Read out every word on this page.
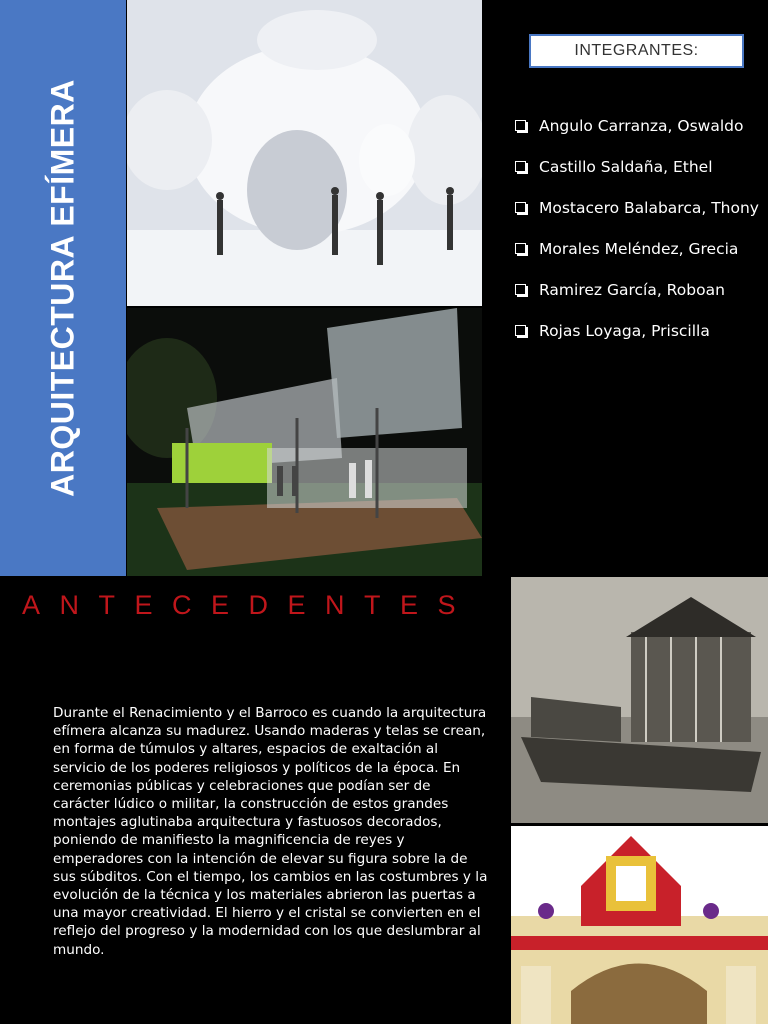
ARQUITECTURA EFÍMERA
INTEGRANTES:
Angulo Carranza, Oswaldo
Castillo Saldaña, Ethel
Mostacero Balabarca, Thony
Morales Meléndez, Grecia
Ramirez García, Roboan
Rojas Loyaga, Priscilla
ANTECEDENTES

Durante el Renacimiento y el Barroco es cuando la arquitectura efímera alcanza su madurez. Usando maderas y telas se crean, en forma de túmulos y altares, espacios de exaltación al servicio de los poderes religiosos y políticos de la época. En ceremonias públicas y celebraciones que podían ser de carácter lúdico o militar, la construcción de estos grandes montajes aglutinaba arquitectura y fastuosos decorados, poniendo de manifiesto la magnificencia de reyes y emperadores con la intención de elevar su figura sobre la de sus súbditos. Con el tiempo, los cambios en las costumbres y la evolución de la técnica y los materiales abrieron las puertas a una mayor creatividad. El hierro y el cristal se convierten en el reflejo del progreso y la modernidad con los que deslumbrar al mundo.
